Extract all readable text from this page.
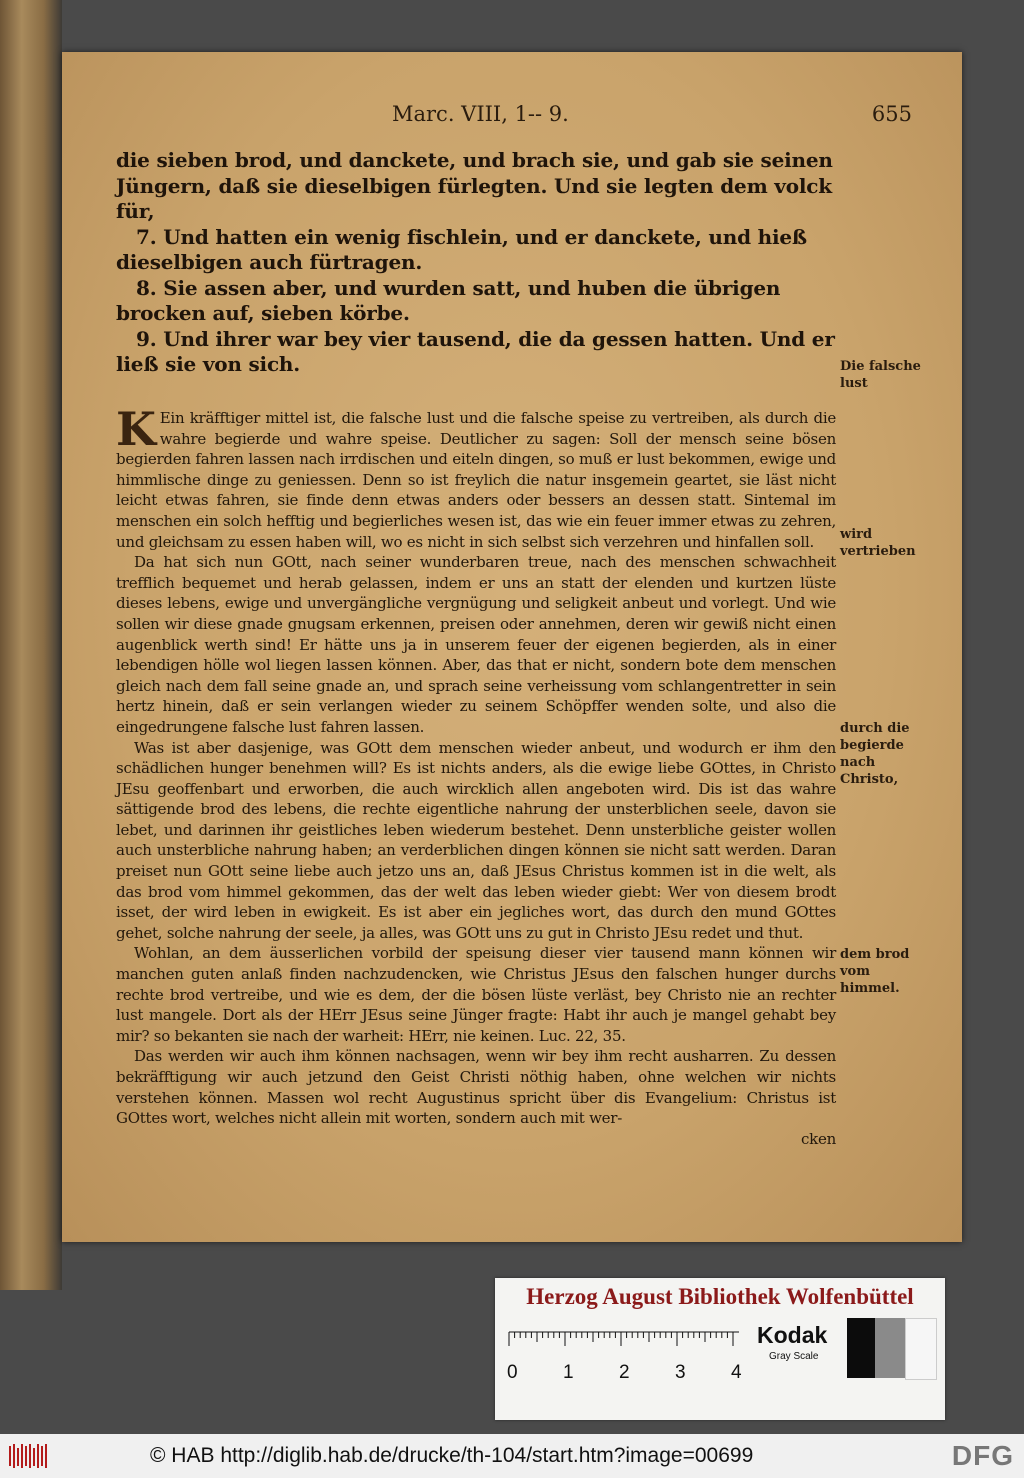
Marc. VIII, 1-- 9.	655

die sieben brod, und danckete, und brach sie, und gab sie seinen Jüngern, daß sie dieselbigen fürlegten. Und sie legten dem volck für,

7. Und hatten ein wenig fischlein, und er danckete, und hieß dieselbigen auch fürtragen.

8. Sie assen aber, und wurden satt, und huben die übrigen brocken auf, sieben körbe.

9. Und ihrer war bey vier tausend, die da gessen hatten. Und er ließ sie von sich.

K Ein kräfftiger mittel ist, die falsche lust und die falsche speise zu vertreiben, als durch die wahre begierde und wahre speise. Deutlicher zu sagen: Soll der mensch seine bösen begierden fahren lassen nach irrdischen und eiteln dingen, so muß er lust bekommen, ewige und himmlische dinge zu geniessen. Denn so ist freylich die natur insgemein geartet, sie läst nicht leicht etwas fahren, sie finde denn etwas anders oder bessers an dessen statt. Sintemal im menschen ein solch hefftig und begierliches wesen ist, das wie ein feuer immer etwas zu zehren, und gleichsam zu essen haben will, wo es nicht in sich selbst sich verzehren und hinfallen soll.

Da hat sich nun GOtt, nach seiner wunderbaren treue, nach des menschen schwachheit trefflich bequemet und herab gelassen, indem er uns an statt der elenden und kurtzen lüste dieses lebens, ewige und unvergängliche vergnügung und seligkeit anbeut und vorlegt. Und wie sollen wir diese gnade gnugsam erkennen, preisen oder annehmen, deren wir gewiß nicht einen augenblick werth sind! Er hätte uns ja in unserem feuer der eigenen begierden, als in einer lebendigen hölle wol liegen lassen können. Aber, das that er nicht, sondern bote dem menschen gleich nach dem fall seine gnade an, und sprach seine verheissung vom schlangentretter in sein hertz hinein, daß er sein verlangen wieder zu seinem Schöpffer wenden solte, und also die eingedrungene falsche lust fahren lassen.

Was ist aber dasjenige, was GOtt dem menschen wieder anbeut, und wodurch er ihm den schädlichen hunger benehmen will? Es ist nichts anders, als die ewige liebe GOttes, in Christo JEsu geoffenbart und erworben, die auch wircklich allen angeboten wird. Dis ist das wahre sättigende brod des lebens, die rechte eigentliche nahrung der unsterblichen seele, davon sie lebet, und darinnen ihr geistliches leben wiederum bestehet. Denn unsterbliche geister wollen auch unsterbliche nahrung haben; an verderblichen dingen können sie nicht satt werden. Daran preiset nun GOtt seine liebe auch jetzo uns an, daß JEsus Christus kommen ist in die welt, als das brod vom himmel gekommen, das der welt das leben wieder giebt: Wer von diesem brodt isset, der wird leben in ewigkeit. Es ist aber ein jegliches wort, das durch den mund GOttes gehet, solche nahrung der seele, ja alles, was GOtt uns zu gut in Christo JEsu redet und thut.

Wohlan, an dem äusserlichen vorbild der speisung dieser vier tausend mann können wir manchen guten anlaß finden nachzudencken, wie Christus JEsus den falschen hunger durchs rechte brod vertreibe, und wie es dem, der die bösen lüste verläst, bey Christo nie an rechter lust mangele. Dort als der HErr JEsus seine Jünger fragte: Habt ihr auch je mangel gehabt bey mir? so bekanten sie nach der warheit: HErr, nie keinen. Luc. 22, 35.

Das werden wir auch ihm können nachsagen, wenn wir bey ihm recht ausharren. Zu dessen bekräfftigung wir auch jetzund den Geist Christi nöthig haben, ohne welchen wir nichts verstehen können. Massen wol recht Augustinus spricht über dis Evangelium: Christus ist GOttes wort, welches nicht allein mit worten, sondern auch mit wer-

cken

Die falsche lust
wird vertrieben
durch die begierde nach Christo,
dem brod vom himmel.
Herzog August Bibliothek Wolfenbüttel
0 1 2 3 4
Kodak
Gray Scale
© HAB http://diglib.hab.de/drucke/th-104/start.htm?image=00699	DFG
